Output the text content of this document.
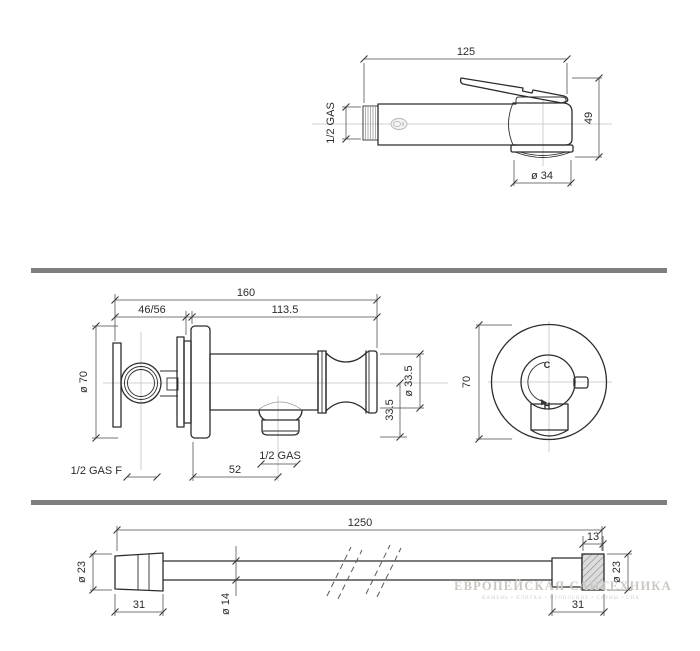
125
49
ø 34
1/2 GAS
160
46/56	113.5
ø 70	ø 33.5
33.5
52
1/2 GAS
1/2 GAS F
C
H
70
1250
ø 23
31	ø 14
13
ø 23
31
ЕВРОПЕЙСКАЯ САНТЕХНИКА
КАМЕНЬ • ПЛИТКА • ОТОПЛЕНИЕ • САУНЫ • СПА
